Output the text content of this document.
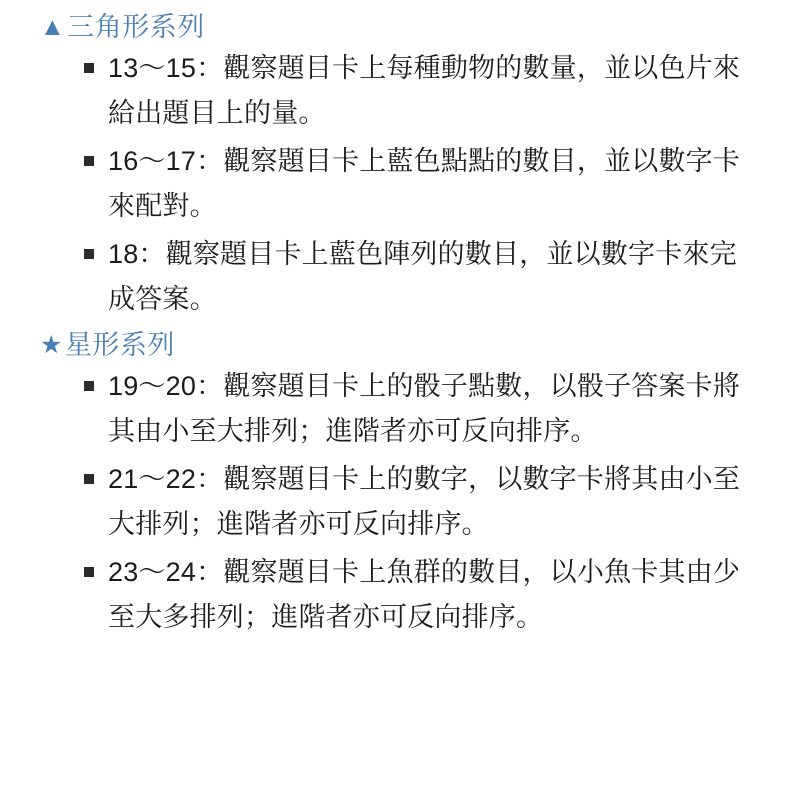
▲ 三角形系列
13～15：觀察題目卡上每種動物的數量，並以色片來給出題目上的量。
16～17：觀察題目卡上藍色點點的數目，並以數字卡來配對。
18：觀察題目卡上藍色陣列的數目，並以數字卡來完成答案。
★ 星形系列
19～20：觀察題目卡上的骰子點數，以骰子答案卡將其由小至大排列；進階者亦可反向排序。
21～22：觀察題目卡上的數字，以數字卡將其由小至大排列；進階者亦可反向排序。
23～24：觀察題目卡上魚群的數目，以小魚卡其由少至大多排列；進階者亦可反向排序。
